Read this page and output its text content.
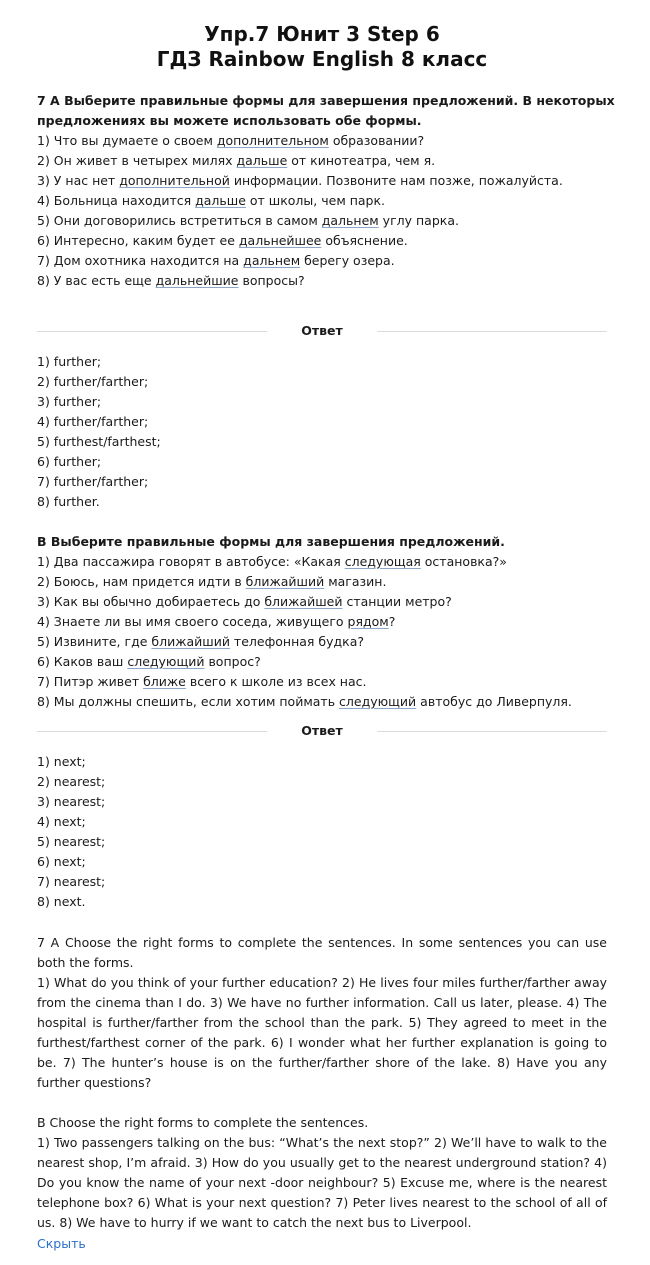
Упр.7 Юнит 3 Step 6
ГДЗ Rainbow English 8 класс
7 A Выберите правильные формы для завершения предложений. В некоторых
предложениях вы можете использовать обе формы.
1) Что вы думаете о своем дополнительном образовании?
2) Он живет в четырех милях дальше от кинотеатра, чем я.
3) У нас нет дополнительной информации. Позвоните нам позже, пожалуйста.
4) Больница находится дальше от школы, чем парк.
5) Они договорились встретиться в самом дальнем углу парка.
6) Интересно, каким будет ее дальнейшее объяснение.
7) Дом охотника находится на дальнем берегу озера.
8) У вас есть еще дальнейшие вопросы?
Ответ
1) further;
2) further/farther;
3) further;
4) further/farther;
5) furthest/farthest;
6) further;
7) further/farther;
8) further.
B Выберите правильные формы для завершения предложений.
1) Два пассажира говорят в автобусе: «Какая следующая остановка?»
2) Боюсь, нам придется идти в ближайший магазин.
3) Как вы обычно добираетесь до ближайшей станции метро?
4) Знаете ли вы имя своего соседа, живущего рядом?
5) Извините, где ближайший телефонная будка?
6) Каков ваш следующий вопрос?
7) Питэр живет ближе всего к школе из всех нас.
8) Мы должны спешить, если хотим поймать следующий автобус до Ливерпуля.
Ответ
1) next;
2) nearest;
3) nearest;
4) next;
5) nearest;
6) next;
7) nearest;
8) next.
7 A Choose the right forms to complete the sentences. In some sentences you can use both the forms.
1) What do you think of your further education? 2) He lives four miles further/farther away from the cinema than I do. 3) We have no further information. Call us later, please. 4) The hospital is further/farther from the school than the park. 5) They agreed to meet in the furthest/farthest corner of the park. 6) I wonder what her further explanation is going to be. 7) The hunter’s house is on the further/farther shore of the lake. 8) Have you any further questions?
B Choose the right forms to complete the sentences.
1) Two passengers talking on the bus: “What’s the next stop?” 2) We’ll have to walk to the nearest shop, I’m afraid. 3) How do you usually get to the nearest underground station? 4) Do you know the name of your next -door neighbour? 5) Excuse me, where is the nearest telephone box? 6) What is your next question? 7) Peter lives nearest to the school of all of us. 8) We have to hurry if we want to catch the next bus to Liverpool.
Скрыть
